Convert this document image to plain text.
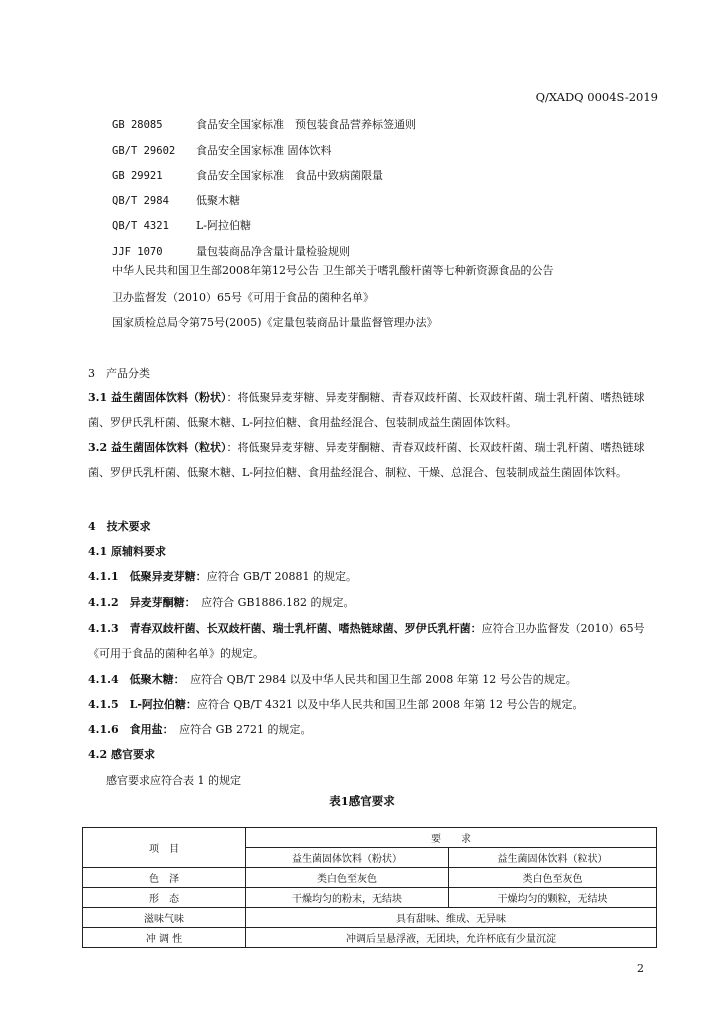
Q/XADQ 0004S-2019
GB 28085	食品安全国家标准　预包装食品营养标签通则
GB/T 29602 食品安全国家标准 固体饮料
GB 29921	食品安全国家标准　食品中致病菌限量
QB/T 2984 低聚木糖
QB/T 4321 L-阿拉伯糖
JJF 1070	量包装商品净含量计量检验规则
中华人民共和国卫生部2008年第12号公告 卫生部关于嗜乳酸杆菌等七种新资源食品的公告
卫办监督发（2010）65号《可用于食品的菌种名单》
国家质检总局令第75号(2005)《定量包装商品计量监督管理办法》
3　产品分类
3.1 益生菌固体饮料（粉状）：将低聚异麦芽糖、异麦芽酮糖、青春双歧杆菌、长双歧杆菌、瑞士乳杆菌、嗜热链球菌、罗伊氏乳杆菌、低聚木糖、L-阿拉伯糖、食用盐经混合、包装制成益生菌固体饮料。
3.2 益生菌固体饮料（粒状）：将低聚异麦芽糖、异麦芽酮糖、青春双歧杆菌、长双歧杆菌、瑞士乳杆菌、嗜热链球菌、罗伊氏乳杆菌、低聚木糖、L-阿拉伯糖、食用盐经混合、制粒、干燥、总混合、包装制成益生菌固体饮料。
4　技术要求
4.1 原辅料要求
4.1.1　低聚异麦芽糖：应符合 GB/T 20881 的规定。
4.1.2　异麦芽酮糖：　应符合 GB1886.182 的规定。
4.1.3　青春双歧杆菌、长双歧杆菌、瑞士乳杆菌、嗜热链球菌、罗伊氏乳杆菌：应符合卫办监督发（2010）65号《可用于食品的菌种名单》的规定。
4.1.4　低聚木糖：　应符合 QB/T 2984 以及中华人民共和国卫生部 2008 年第 12 号公告的规定。
4.1.5　L-阿拉伯糖：应符合 QB/T 4321 以及中华人民共和国卫生部 2008 年第 12 号公告的规定。
4.1.6　食用盐：　应符合 GB 2721 的规定。
4.2 感官要求
感官要求应符合表 1 的规定
表1感官要求
项　目	要　　求	
	益生菌固体饮料（粉状）	益生菌固体饮料（粒状）
色　泽	类白色至灰色	类白色至灰色
形　态	干燥均匀的粉末，无结块	干燥均匀的颗粒，无结块
滋味气味	具有甜味、维成、无异味	
冲 调 性	冲调后呈悬浮液，无团块，允许杯底有少量沉淀	
2
